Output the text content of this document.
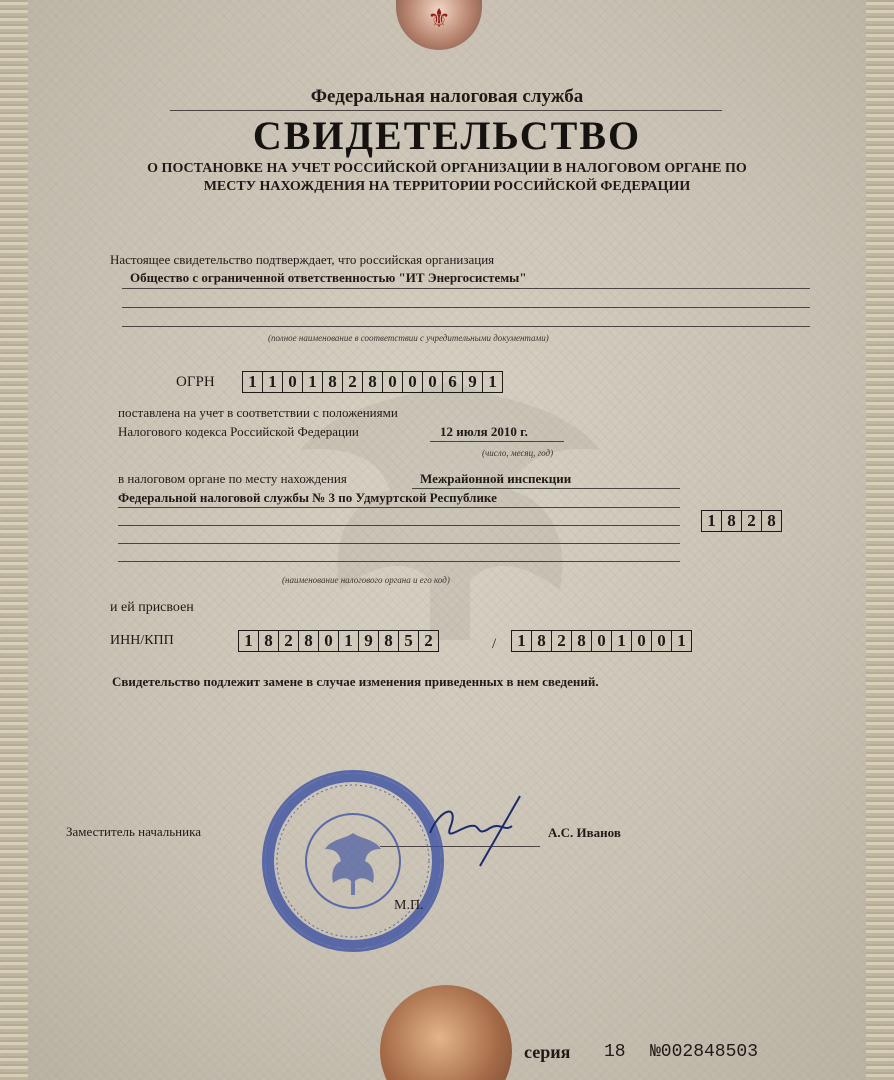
⚜
Федеральная налоговая служба
СВИДЕТЕЛЬСТВО
О ПОСТАНОВКЕ НА УЧЕТ РОССИЙСКОЙ ОРГАНИЗАЦИИ В НАЛОГОВОМ ОРГАНЕ ПО МЕСТУ НАХОЖДЕНИЯ НА ТЕРРИТОРИИ РОССИЙСКОЙ ФЕДЕРАЦИИ
Настоящее свидетельство подтверждает, что российская организация
Общество с ограниченной ответственностью "ИТ Энергосистемы"
(полное наименование в соответствии с учредительными документами)
ОГРН	1 1 0 1 8 2 8 0 0 0 6 9 1
поставлена на учет в соответствии с положениями
Налогового кодекса Российской Федерации	12 июля 2010 г.
(число, месяц, год)
в налоговом органе по месту нахождения	Межрайонной инспекции
Федеральной налоговой службы № 3 по Удмуртской Республике
1 8 2 8
(наименование налогового органа и его код)
и ей присвоен
ИНН/КПП	1 8 2 8 0 1 9 8 5 2	/	1 8 2 8 0 1 0 0 1
Свидетельство подлежит замене в случае изменения приведенных в нем сведений.
Заместитель начальника	А.С. Иванов
М.П.
серия 18 №002848503
